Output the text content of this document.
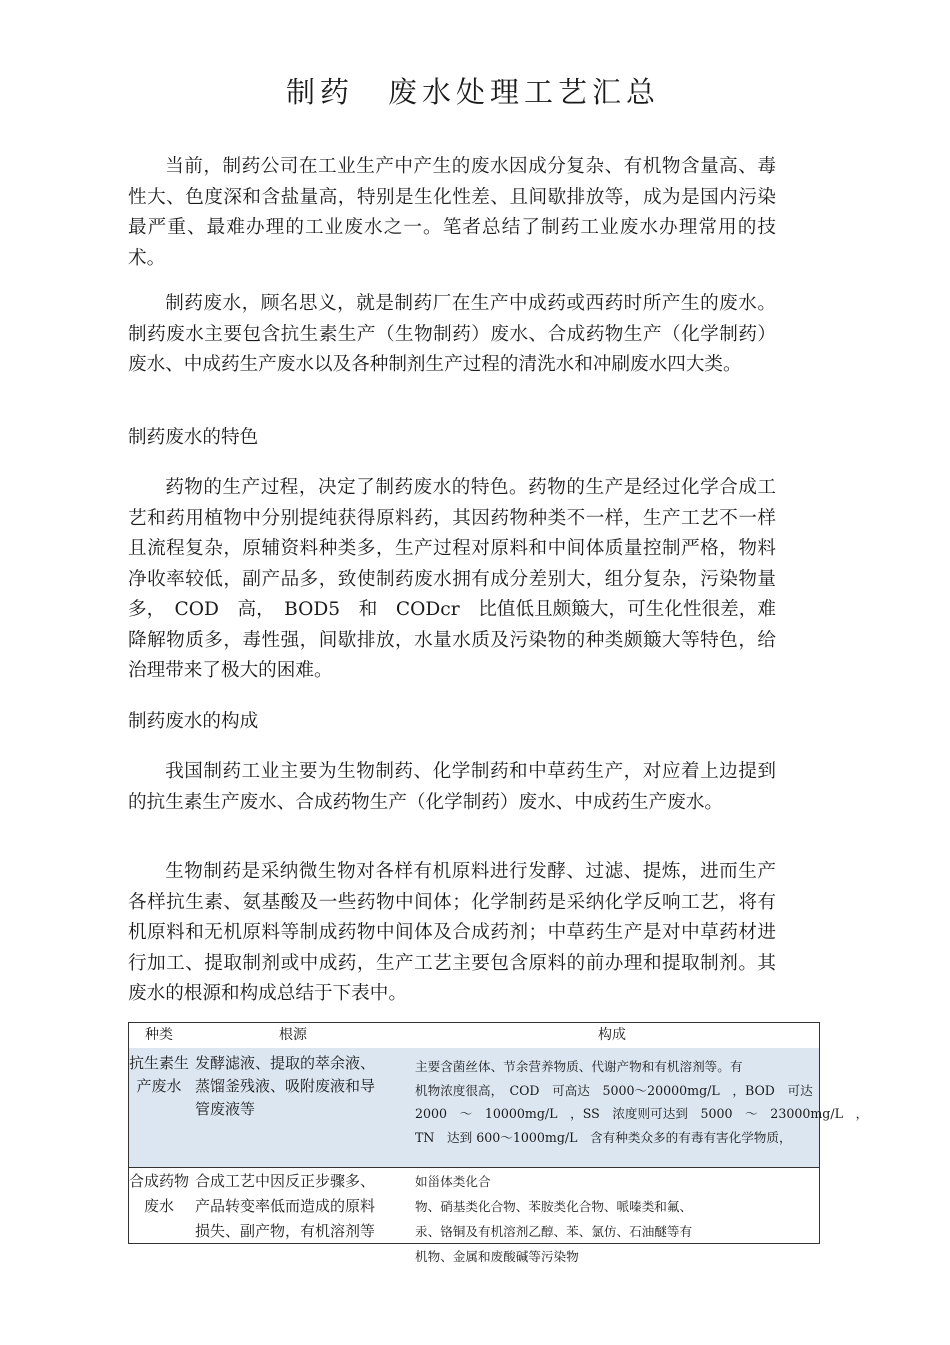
制药　废水处理工艺汇总

当前，制药公司在工业生产中产生的废水因成分复杂、有机物含量高、毒性大、色度深和含盐量高，特别是生化性差、且间歇排放等，成为是国内污染最严重、最难办理的工业废水之一。笔者总结了制药工业废水办理常用的技术。

制药废水，顾名思义，就是制药厂在生产中成药或西药时所产生的废水。制药废水主要包含抗生素生产（生物制药）废水、合成药物生产（化学制药）废水、中成药生产废水以及各种制剂生产过程的清洗水和冲刷废水四大类。

制药废水的特色

药物的生产过程，决定了制药废水的特色。药物的生产是经过化学合成工艺和药用植物中分别提纯获得原料药，其因药物种类不一样，生产工艺不一样且流程复杂，原辅资料种类多，生产过程对原料和中间体质量控制严格，物料净收率较低，副产品多，致使制药废水拥有成分差别大，组分复杂，污染物量多，　COD　高，　BOD5　和　CODcr　比值低且颇簸大，可生化性很差，难降解物质多，毒性强，间歇排放，水量水质及污染物的种类颇簸大等特色，给治理带来了极大的困难。

制药废水的构成

我国制药工业主要为生物制药、化学制药和中草药生产，对应着上边提到的抗生素生产废水、合成药物生产（化学制药）废水、中成药生产废水。

生物制药是采纳微生物对各样有机原料进行发酵、过滤、提炼，进而生产各样抗生素、氨基酸及一些药物中间体；化学制药是采纳化学反响工艺，将有机原料和无机原料等制成药物中间体及合成药剂；中草药生产是对中草药材进行加工、提取制剂或中成药，生产工艺主要包含原料的前办理和提取制剂。其废水的根源和构成总结于下表中。

种类	根源	构成
抗生素生产废水
发酵滤液、提取的萃余液、蒸馏釜残液、吸附废液和导管废液等
主要含菌丝体、节余营养物质、代谢产物和有机溶剂等。有
机物浓度很高，　COD　可高达　5000～20000mg/L　，BOD　可达
2000　～　10000mg/L　，SS　浓度则可达到　5000　～　23000mg/L　，
TN　达到 600～1000mg/L　含有种类众多的有毒有害化学物质，
合成药物废水
合成工艺中因反正步骤多、产品转变率低而造成的原料损失、副产物，有机溶剂等
如甾体类化合
物、硝基类化合物、苯胺类化合物、哌嗪类和氟、
汞、铬铜及有机溶剂乙醇、苯、氯仿、石油醚等有
机物、金属和废酸碱等污染物
